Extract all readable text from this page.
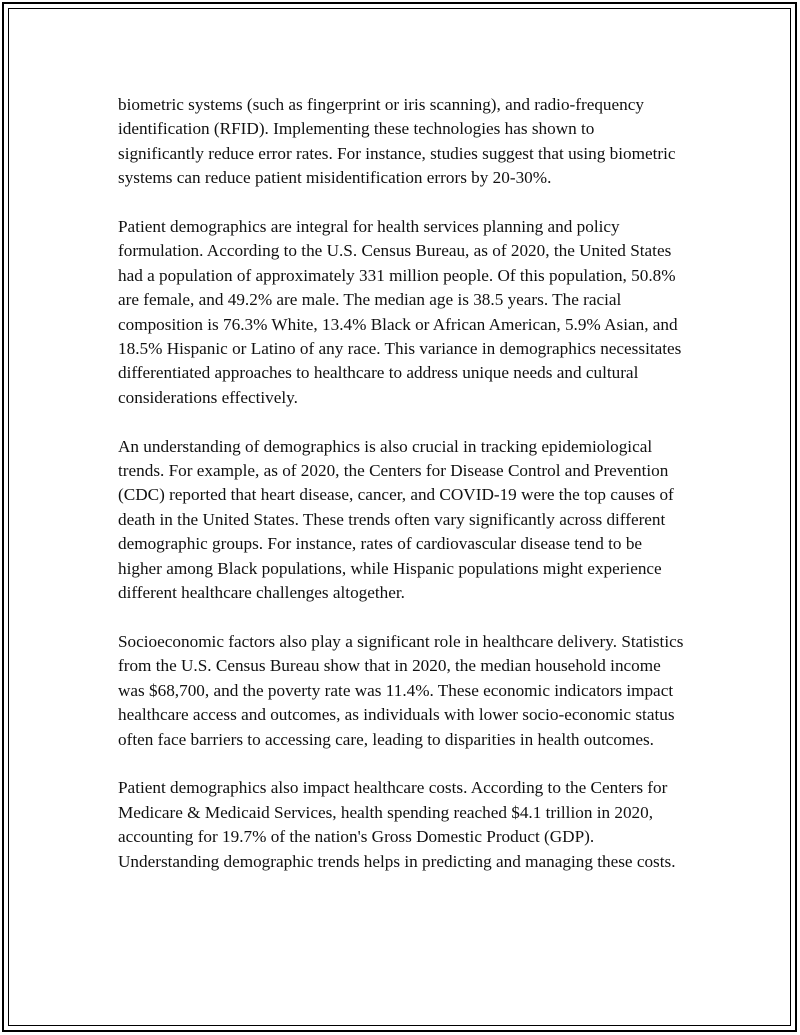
biometric systems (such as fingerprint or iris scanning), and radio-frequency identification (RFID). Implementing these technologies has shown to significantly reduce error rates. For instance, studies suggest that using biometric systems can reduce patient misidentification errors by 20-30%.

Patient demographics are integral for health services planning and policy formulation. According to the U.S. Census Bureau, as of 2020, the United States had a population of approximately 331 million people. Of this population, 50.8% are female, and 49.2% are male. The median age is 38.5 years. The racial composition is 76.3% White, 13.4% Black or African American, 5.9% Asian, and 18.5% Hispanic or Latino of any race. This variance in demographics necessitates differentiated approaches to healthcare to address unique needs and cultural considerations effectively.

An understanding of demographics is also crucial in tracking epidemiological trends. For example, as of 2020, the Centers for Disease Control and Prevention (CDC) reported that heart disease, cancer, and COVID-19 were the top causes of death in the United States. These trends often vary significantly across different demographic groups. For instance, rates of cardiovascular disease tend to be higher among Black populations, while Hispanic populations might experience different healthcare challenges altogether.

Socioeconomic factors also play a significant role in healthcare delivery. Statistics from the U.S. Census Bureau show that in 2020, the median household income was $68,700, and the poverty rate was 11.4%. These economic indicators impact healthcare access and outcomes, as individuals with lower socio-economic status often face barriers to accessing care, leading to disparities in health outcomes.

Patient demographics also impact healthcare costs. According to the Centers for Medicare & Medicaid Services, health spending reached $4.1 trillion in 2020, accounting for 19.7% of the nation's Gross Domestic Product (GDP). Understanding demographic trends helps in predicting and managing these costs.
